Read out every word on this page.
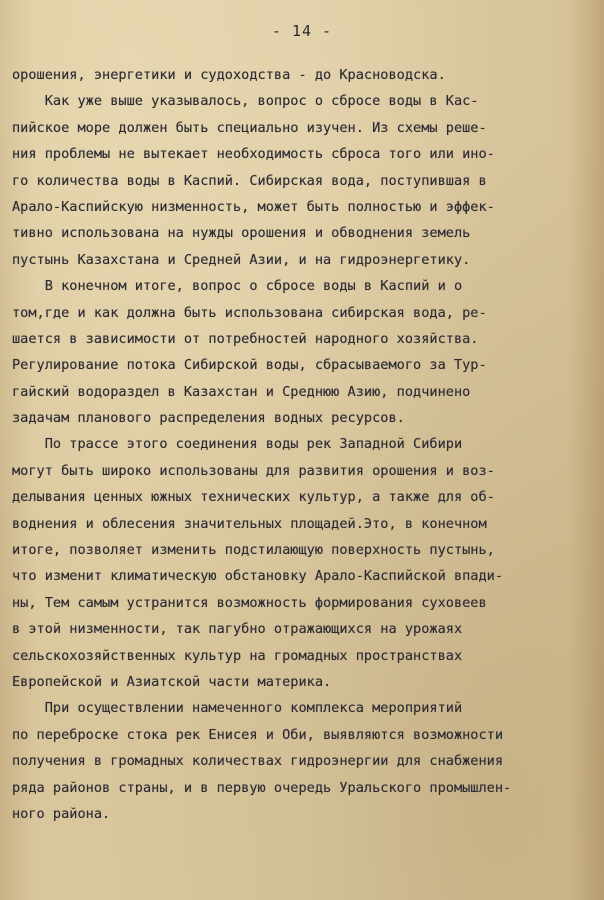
- 14 -
орошения, энергетики и судоходства - до Красноводска.
Как уже выше указывалось, вопрос о сбросе воды в Кас-
пийское море должен быть специально изучен. Из схемы реше-
ния проблемы не вытекает необходимость сброса того или ино-
го количества воды в Каспий. Сибирская вода, поступившая в
Арало-Каспийскую низменность, может быть полностью и эффек-
тивно использована на нужды орошения и обводнения земель
пустынь Казахстана и Средней Азии, и на гидроэнергетику.
В конечном итоге, вопрос о сбросе воды в Каспий и о
том,где и как должна быть использована сибирская вода, ре-
шается в зависимости от потребностей народного хозяйства.
Регулирование потока Сибирской воды, сбрасываемого за Тур-
гайский водораздел в Казахстан и Среднюю Азию, подчинено
задачам планового распределения водных ресурсов.
По трассе этого соединения воды рек Западной Сибири
могут быть широко использованы для развития орошения и воз-
делывания ценных южных технических культур, а также для об-
воднения и облесения значительных площадей.Это, в конечном
итоге, позволяет изменить подстилающую поверхность пустынь,
что изменит климатическую обстановку Арало-Каспийской впади-
ны, Тем самым устранится возможность формирования суховеев
в этой низменности, так пагубно отражающихся на урожаях
сельскохозяйственных культур на громадных пространствах
Европейской и Азиатской части материка.
При осуществлении намеченного комплекса мероприятий
по переброске стока рек Енисея и Оби, выявляются возможности
получения в громадных количествах гидроэнергии для снабжения
ряда районов страны, и в первую очередь Уральского промышлен-
ного района.
